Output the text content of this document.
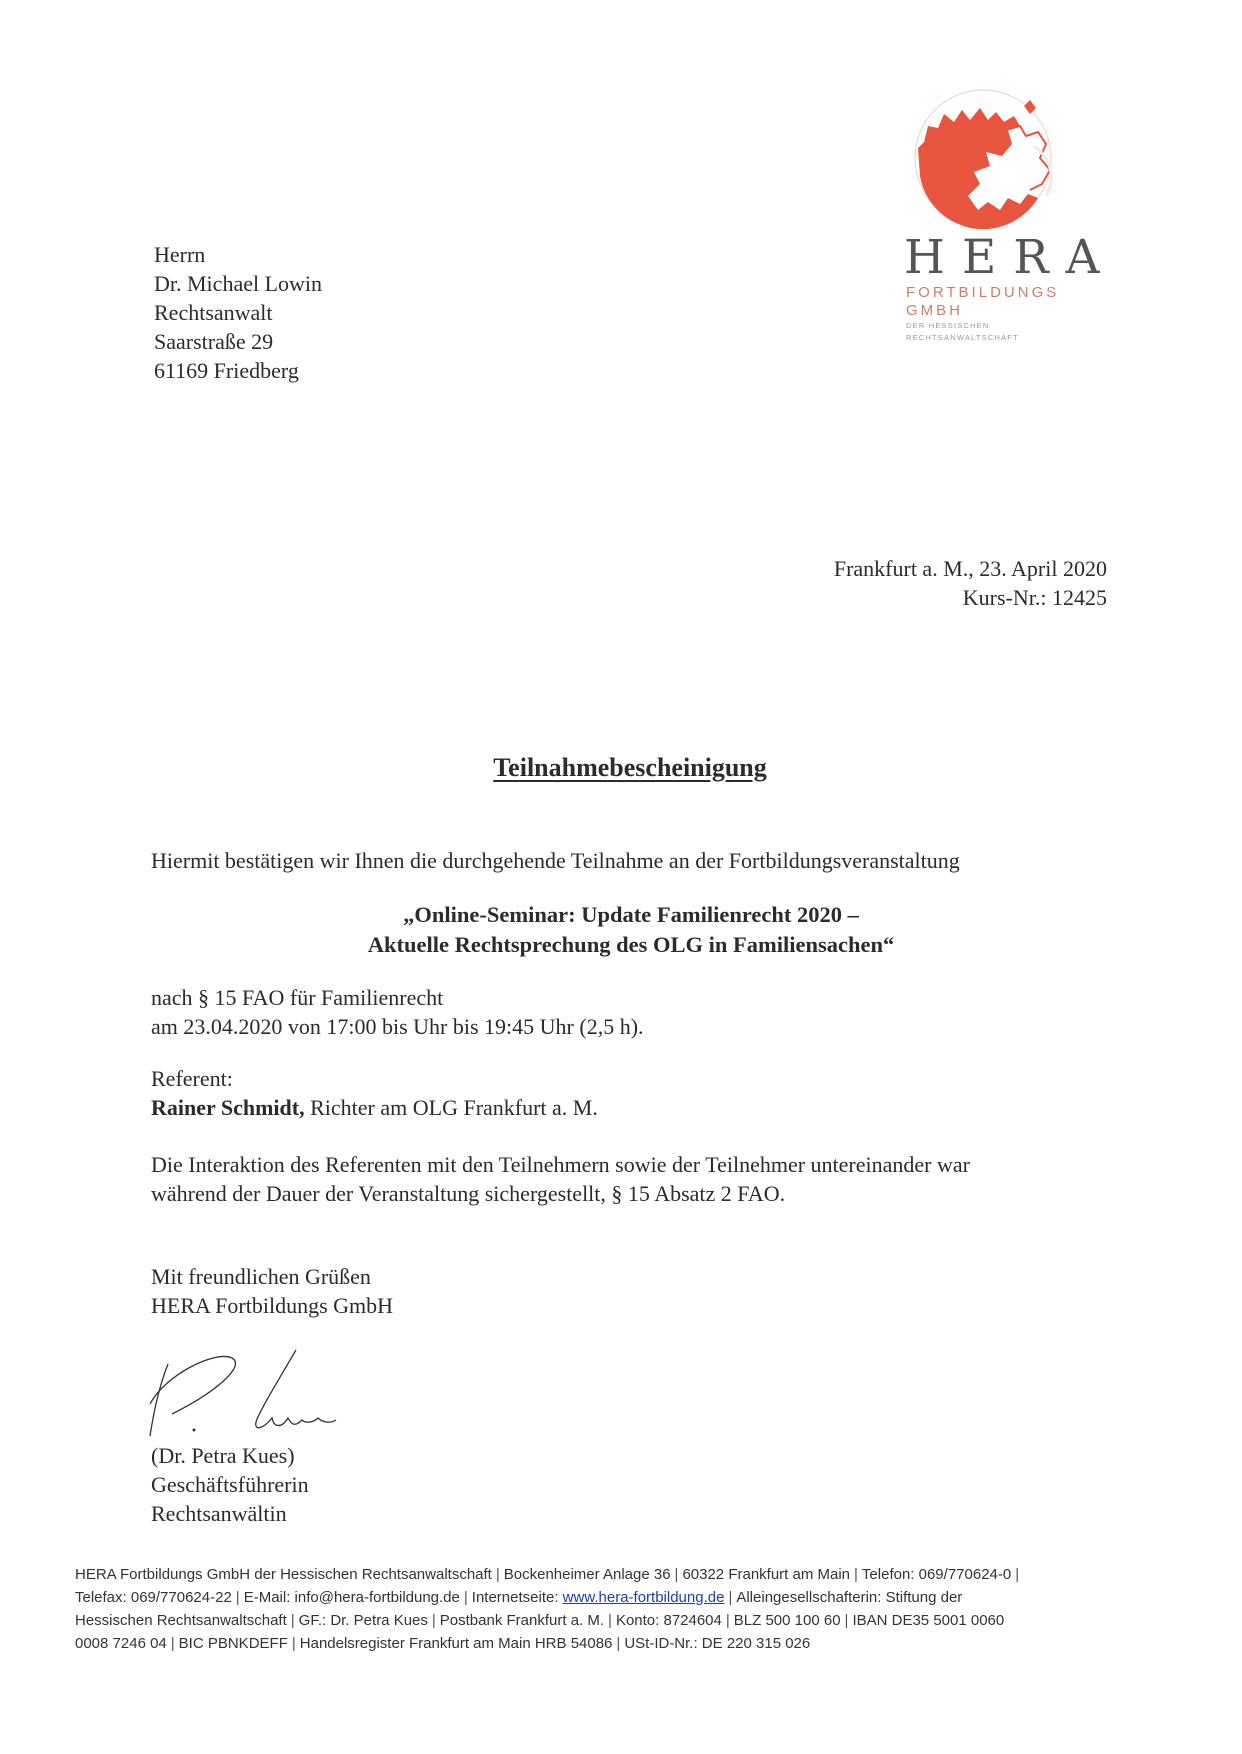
HERA
FORTBILDUNGS GMBH
DER HESSISCHEN RECHTSANWALTSCHAFT
Herrn
Dr. Michael Lowin
Rechtsanwalt
Saarstraße 29
61169 Friedberg
Frankfurt a. M., 23. April 2020
Kurs-Nr.: 12425
Teilnahmebescheinigung
Hiermit bestätigen wir Ihnen die durchgehende Teilnahme an der Fortbildungsveranstaltung
„Online-Seminar: Update Familienrecht 2020 –
Aktuelle Rechtsprechung des OLG in Familiensachen“
nach § 15 FAO für Familienrecht
am 23.04.2020 von 17:00 bis Uhr bis 19:45 Uhr (2,5 h).
Referent:
Rainer Schmidt, Richter am OLG Frankfurt a. M.
Die Interaktion des Referenten mit den Teilnehmern sowie der Teilnehmer untereinander war
während der Dauer der Veranstaltung sichergestellt, § 15 Absatz 2 FAO.
Mit freundlichen Grüßen
HERA Fortbildungs GmbH
(Dr. Petra Kues)
Geschäftsführerin
Rechtsanwältin
HERA Fortbildungs GmbH der Hessischen Rechtsanwaltschaft | Bockenheimer Anlage 36 | 60322 Frankfurt am Main | Telefon: 069/770624-0 |
Telefax: 069/770624-22 | E-Mail: info@hera-fortbildung.de | Internetseite: www.hera-fortbildung.de | Alleingesellschafterin: Stiftung der
Hessischen Rechtsanwaltschaft | GF.: Dr. Petra Kues | Postbank Frankfurt a. M. | Konto: 8724604 | BLZ 500 100 60 | IBAN DE35 5001 0060
0008 7246 04 | BIC PBNKDEFF | Handelsregister Frankfurt am Main HRB 54086 | USt-ID-Nr.: DE 220 315 026
